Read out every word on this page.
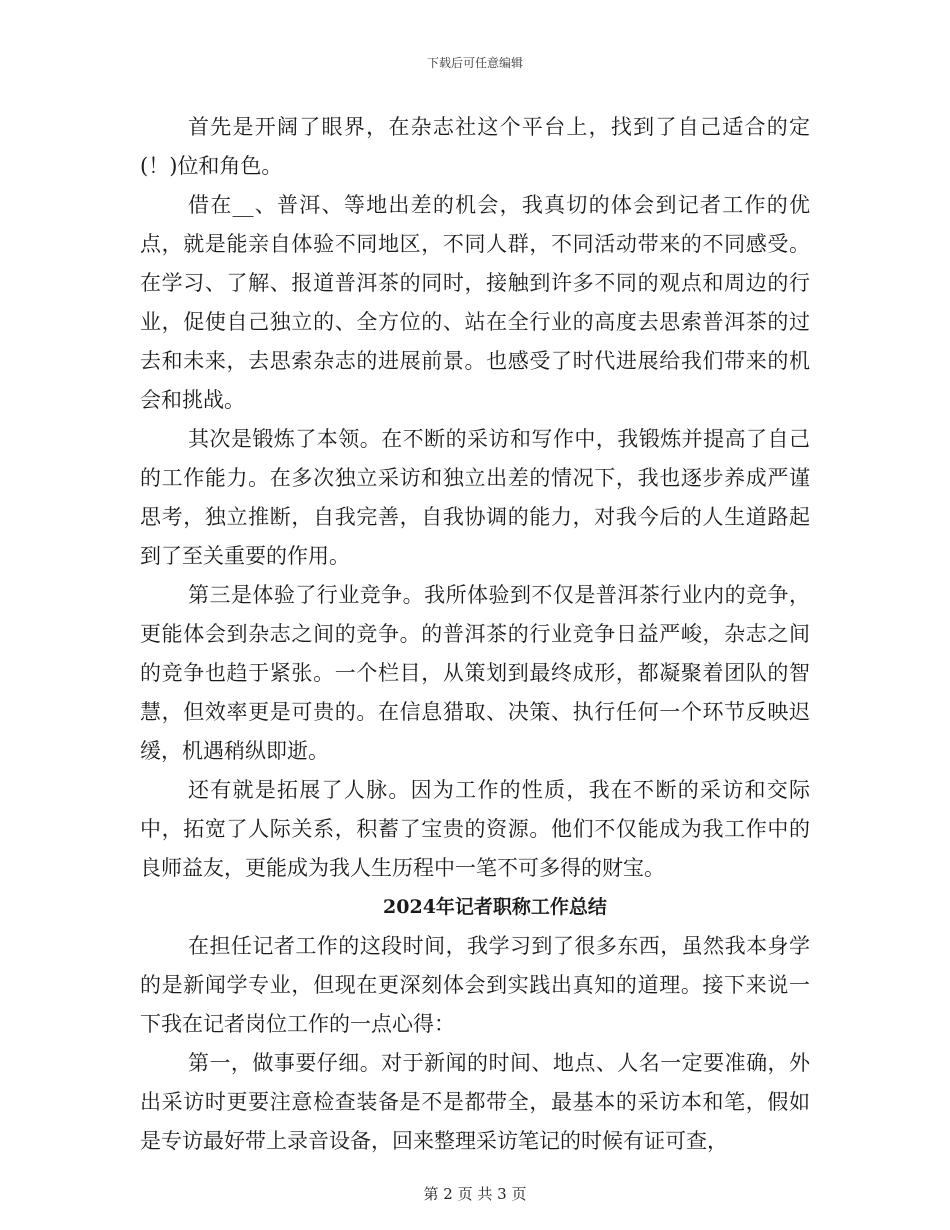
下载后可任意编辑

首先是开阔了眼界，在杂志社这个平台上，找到了自己适合的定(！)位和角色。

借在__、普洱、等地出差的机会，我真切的体会到记者工作的优点，就是能亲自体验不同地区，不同人群，不同活动带来的不同感受。在学习、了解、报道普洱茶的同时，接触到许多不同的观点和周边的行业，促使自己独立的、全方位的、站在全行业的高度去思索普洱茶的过去和未来，去思索杂志的进展前景。也感受了时代进展给我们带来的机会和挑战。

其次是锻炼了本领。在不断的采访和写作中，我锻炼并提高了自己的工作能力。在多次独立采访和独立出差的情况下，我也逐步养成严谨思考，独立推断，自我完善，自我协调的能力，对我今后的人生道路起到了至关重要的作用。

第三是体验了行业竞争。我所体验到不仅是普洱茶行业内的竞争，更能体会到杂志之间的竞争。的普洱茶的行业竞争日益严峻，杂志之间的竞争也趋于紧张。一个栏目，从策划到最终成形，都凝聚着团队的智慧，但效率更是可贵的。在信息猎取、决策、执行任何一个环节反映迟缓，机遇稍纵即逝。

还有就是拓展了人脉。因为工作的性质，我在不断的采访和交际中，拓宽了人际关系，积蓄了宝贵的资源。他们不仅能成为我工作中的良师益友，更能成为我人生历程中一笔不可多得的财宝。

2024年记者职称工作总结

在担任记者工作的这段时间，我学习到了很多东西，虽然我本身学的是新闻学专业，但现在更深刻体会到实践出真知的道理。接下来说一下我在记者岗位工作的一点心得：

第一，做事要仔细。对于新闻的时间、地点、人名一定要准确，外出采访时更要注意检查装备是不是都带全，最基本的采访本和笔，假如是专访最好带上录音设备，回来整理采访笔记的时候有证可查，

第 2 页 共 3 页
